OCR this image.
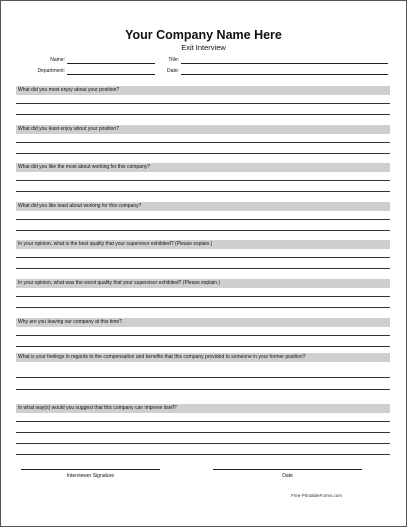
Your Company Name Here
Exit Interview
Name:	Title:
Department:	Date:
What did you most enjoy about your position?
What did you least enjoy about your position?
What did you like the most about working for this company?
What did you like least about working for this company?
In your opinion, what is the best quality that your supervisor exhibited? (Please explain.)
In your opinion, what was the worst quality that your supervisor exhibited? (Please explain.)
Why are you leaving our company at this time?
What is your feelings in regards to the compensation and benefits that this company provided to someone in your former position?
In what way(s) would you suggest that this company can improve itself?
Interviewer Signature	Date
Free-PrintableForms.com
